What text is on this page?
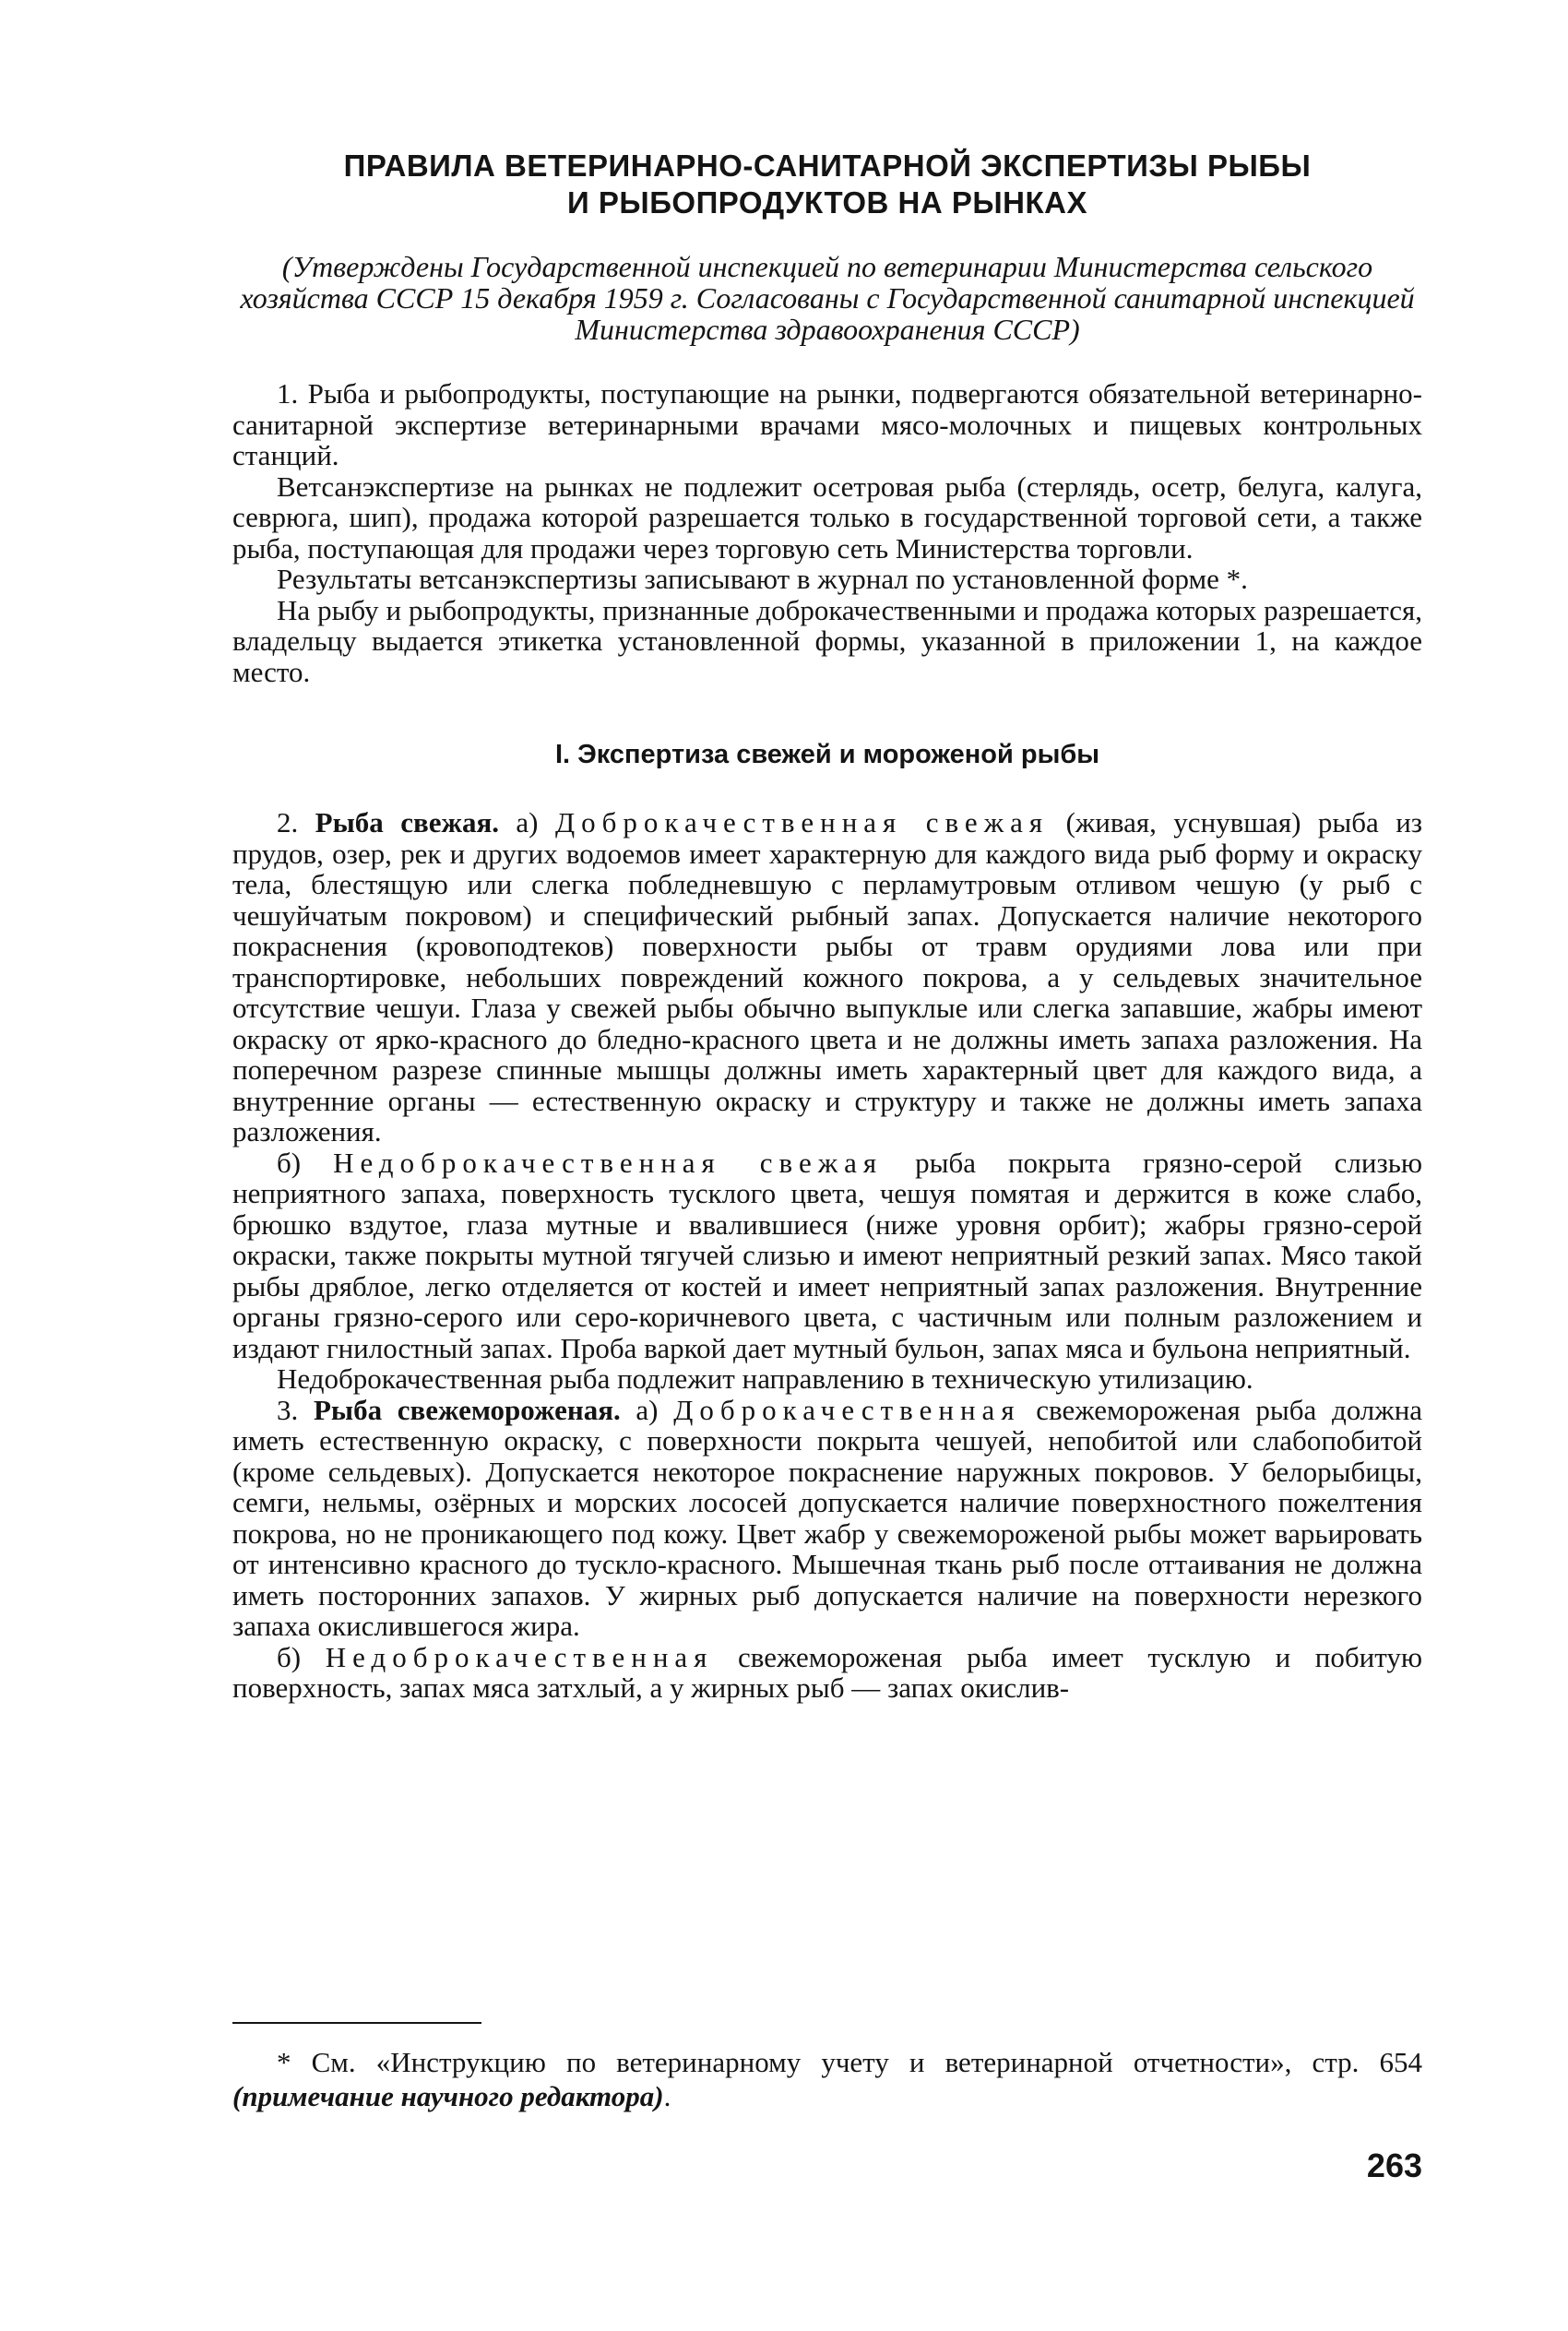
ПРАВИЛА ВЕТЕРИНАРНО-САНИТАРНОЙ ЭКСПЕРТИЗЫ РЫБЫ
И РЫБОПРОДУКТОВ НА РЫНКАХ
(Утверждены Государственной инспекцией по ветеринарии Министерства сельского хозяйства СССР 15 декабря 1959 г. Согласованы с Государственной санитарной инспекцией Министерства здравоохранения СССР)

1. Рыба и рыбопродукты, поступающие на рынки, подвергаются обязательной ветеринарно-санитарной экспертизе ветеринарными врачами мясо-молочных и пищевых контрольных станций.

Ветсанэкспертизе на рынках не подлежит осетровая рыба (стерлядь, осетр, белуга, калуга, севрюга, шип), продажа которой разрешается только в государственной торговой сети, а также рыба, поступающая для продажи через торговую сеть Министерства торговли.

Результаты ветсанэкспертизы записывают в журнал по установленной форме *.

На рыбу и рыбопродукты, признанные доброкачественными и продажа которых разрешается, владельцу выдается этикетка установленной формы, указанной в приложении 1, на каждое место.

I. Экспертиза свежей и мороженой рыбы

2. Рыба свежая. а) Доброкачественная свежая (живая, уснувшая) рыба из прудов, озер, рек и других водоемов имеет характерную для каждого вида рыб форму и окраску тела, блестящую или слегка побледневшую с перламутровым отливом чешую (у рыб с чешуйчатым покровом) и специфический рыбный запах. Допускается наличие некоторого покраснения (кровоподтеков) поверхности рыбы от травм орудиями лова или при транспортировке, небольших повреждений кожного покрова, а у сельдевых значительное отсутствие чешуи. Глаза у свежей рыбы обычно выпуклые или слегка запавшие, жабры имеют окраску от ярко-красного до бледно-красного цвета и не должны иметь запаха разложения. На поперечном разрезе спинные мышцы должны иметь характерный цвет для каждого вида, а внутренние органы — естественную окраску и структуру и также не должны иметь запаха разложения.

б) Недоброкачественная свежая рыба покрыта грязно-серой слизью неприятного запаха, поверхность тусклого цвета, чешуя помятая и держится в коже слабо, брюшко вздутое, глаза мутные и ввалившиеся (ниже уровня орбит); жабры грязно-серой окраски, также покрыты мутной тягучей слизью и имеют неприятный резкий запах. Мясо такой рыбы дряблое, легко отделяется от костей и имеет неприятный запах разложения. Внутренние органы грязно-серого или серо-коричневого цвета, с частичным или полным разложением и издают гнилостный запах. Проба варкой дает мутный бульон, запах мяса и бульона неприятный.

Недоброкачественная рыба подлежит направлению в техническую утилизацию.

3. Рыба свежемороженая. а) Доброкачественная свежемороженая рыба должна иметь естественную окраску, с поверхности покрыта чешуей, непобитой или слабопобитой (кроме сельдевых). Допускается некоторое покраснение наружных покровов. У белорыбицы, семги, нельмы, озёрных и морских лососей допускается наличие поверхностного пожелтения покрова, но не проникающего под кожу. Цвет жабр у свежемороженой рыбы может варьировать от интенсивно красного до тускло-красного. Мышечная ткань рыб после оттаивания не должна иметь посторонних запахов. У жирных рыб допускается наличие на поверхности нерезкого запаха окислившегося жира.

б) Недоброкачественная свежемороженая рыба имеет тусклую и побитую поверхность, запах мяса затхлый, а у жирных рыб — запах окислив-

* См. «Инструкцию по ветеринарному учету и ветеринарной отчетности», стр. 654 (примечание научного редактора).
263
